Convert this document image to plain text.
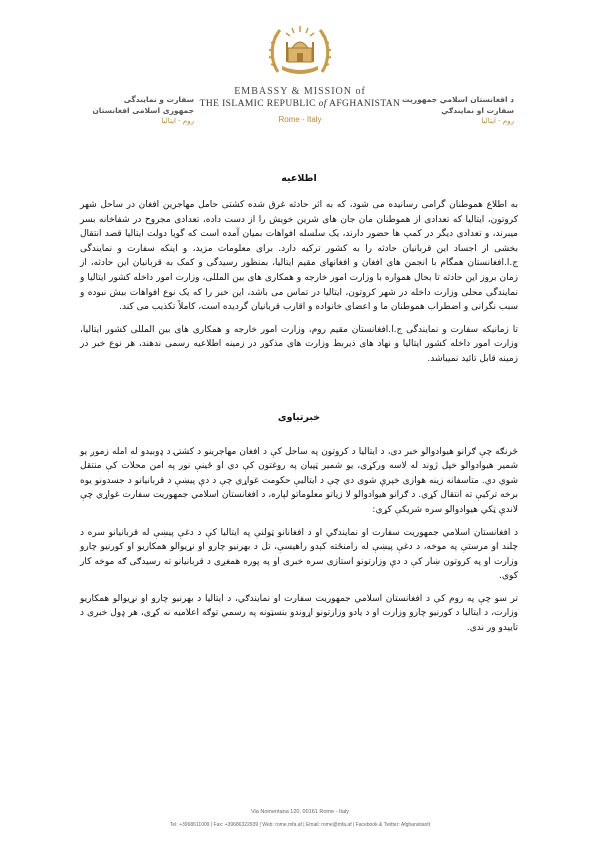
سفارت و نمایندگی
جمهوری اسلامی افغانستان
روم - ایتالیا
EMBASSY & MISSION of
THE ISLAMIC REPUBLIC of AFGHANISTAN
Rome - Italy
د افغانستان اسلامي جمهوريت
سفارت او نمایندګي
روم - ایتالیا
اطلاعیه

به اطلاع هموطنان گرامی رسانیده می شود، که به اثر حادثه غرق شده کشتی حامل مهاجرین افغان در ساحل شهر کروتون، ایتالیا که تعدادی از هموطنان مان جان های شرین خویش را از دست داده، تعدادی مجروح در شفاخانه بسر میبرند، و تعدادی دیگر در کمپ ها حضور دارند، یک سلسله افواهات بمیان آمده است که گویا دولت ایتالیا قصد انتقال بخشی از اجساد این قربانیان حادثه را به کشور ترکیه دارد. برای معلومات مزید، و اینکه سفارت و نمایندگی ج.ا.افغانستان همگام با انجمن های افغان و افغانهای مقیم ایتالیا، بمنظور رسیدگی و کمک به قربانیان این حادثه، از زمان بروز این حادثه تا بحال همواره با وزارت امور خارجه و همکاری های بین المللی، وزارت امور داخله کشور ایتالیا و نمایندگی محلی وزارت داخله در شهر کروتون، ایتالیا در تماس می باشد، این خبر را که یک نوع افواهات بیش نبوده و سبب نگرانی و اضطراب هموطنان ما و اعضای خانواده و اقارب قربانیان گردیده است، کاملاً تکذیب می کند.

تا زمانیکه سفارت و نمایندگی ج.ا.افغانستان مقیم روم، وزارت امور خارجه و همکاری های بین المللی کشور ایتالیا، وزارت امور داخله کشور ایتالیا و نهاد های ذیربط وزارت های مذکور در زمینه اطلاعیه رسمی ندهند، هر نوع خبر در زمینه قابل تائید نمیباشد.

خبرتیاوی

څرنګه چې ګرانو هیوادوالو خبر دی، د ایتالیا د کروتون په ساحل کې د افغان مهاجرینو د کشتۍ د ډوبیدو له امله زموږ یو شمیر هیوادوالو خپل ژوند له لاسه ورکړی، یو شمیر ټپیان په روغتون کې دي او ځینې نور په امن محلات کې منتقل شوي دي. متاسفانه زینه هوازی خپرې شوی دي چې د ایتالیې حکومت غواړي چې د دې پیښې د قربانیانو د جسدونو یوه برخه ترکیې ته انتقال کړي. د ګرانو هیوادوالو لا زیاتو معلوماتو لپاره، د افغانستان اسلامي جمهوریت سفارت غواړي چې لاندې ټکي هیوادوالو سره شریکې کړي:

د افغانستان اسلامي جمهوریت سفارت او نمایندګي او د افغانانو ټولنې په ایتالیا کې د دغې پیښې له قربانیانو سره د چلند او مرستې په موخه، د دغې پیښې له رامنځته کېدو راهیسې، تل د بهرنیو چارو او نړیوالو همکاریو او کورنیو چارو وزارت او په کروتون ښار کې د دې وزارتونو استازی سره خبری او په پوره همغږی د قربانیانو ته رسیدګی ګه موخه کار کوی.

تر سو چې په روم کې د افغانستان اسلامي جمهوریت سفارت او نمایندګي، د ایتالیا د بهرنیو چارو او نړیوالو همکاریو وزارت، د ایتالیا د کورنیو چارو وزارت او د یادو وزارتونو اړوندو بنسټونه په رسمي توګه اعلامیه نه کړی، هر ډول خبری د تاییدو ور ندی.

Via Nomentana 120, 00161 Rome - Italy
Tel: +3968611009 | Fax: +39686322939 | Web: rome.mfa.af | Email: rome@mfa.af | Facebook & Twitter: AfghanistanIt
